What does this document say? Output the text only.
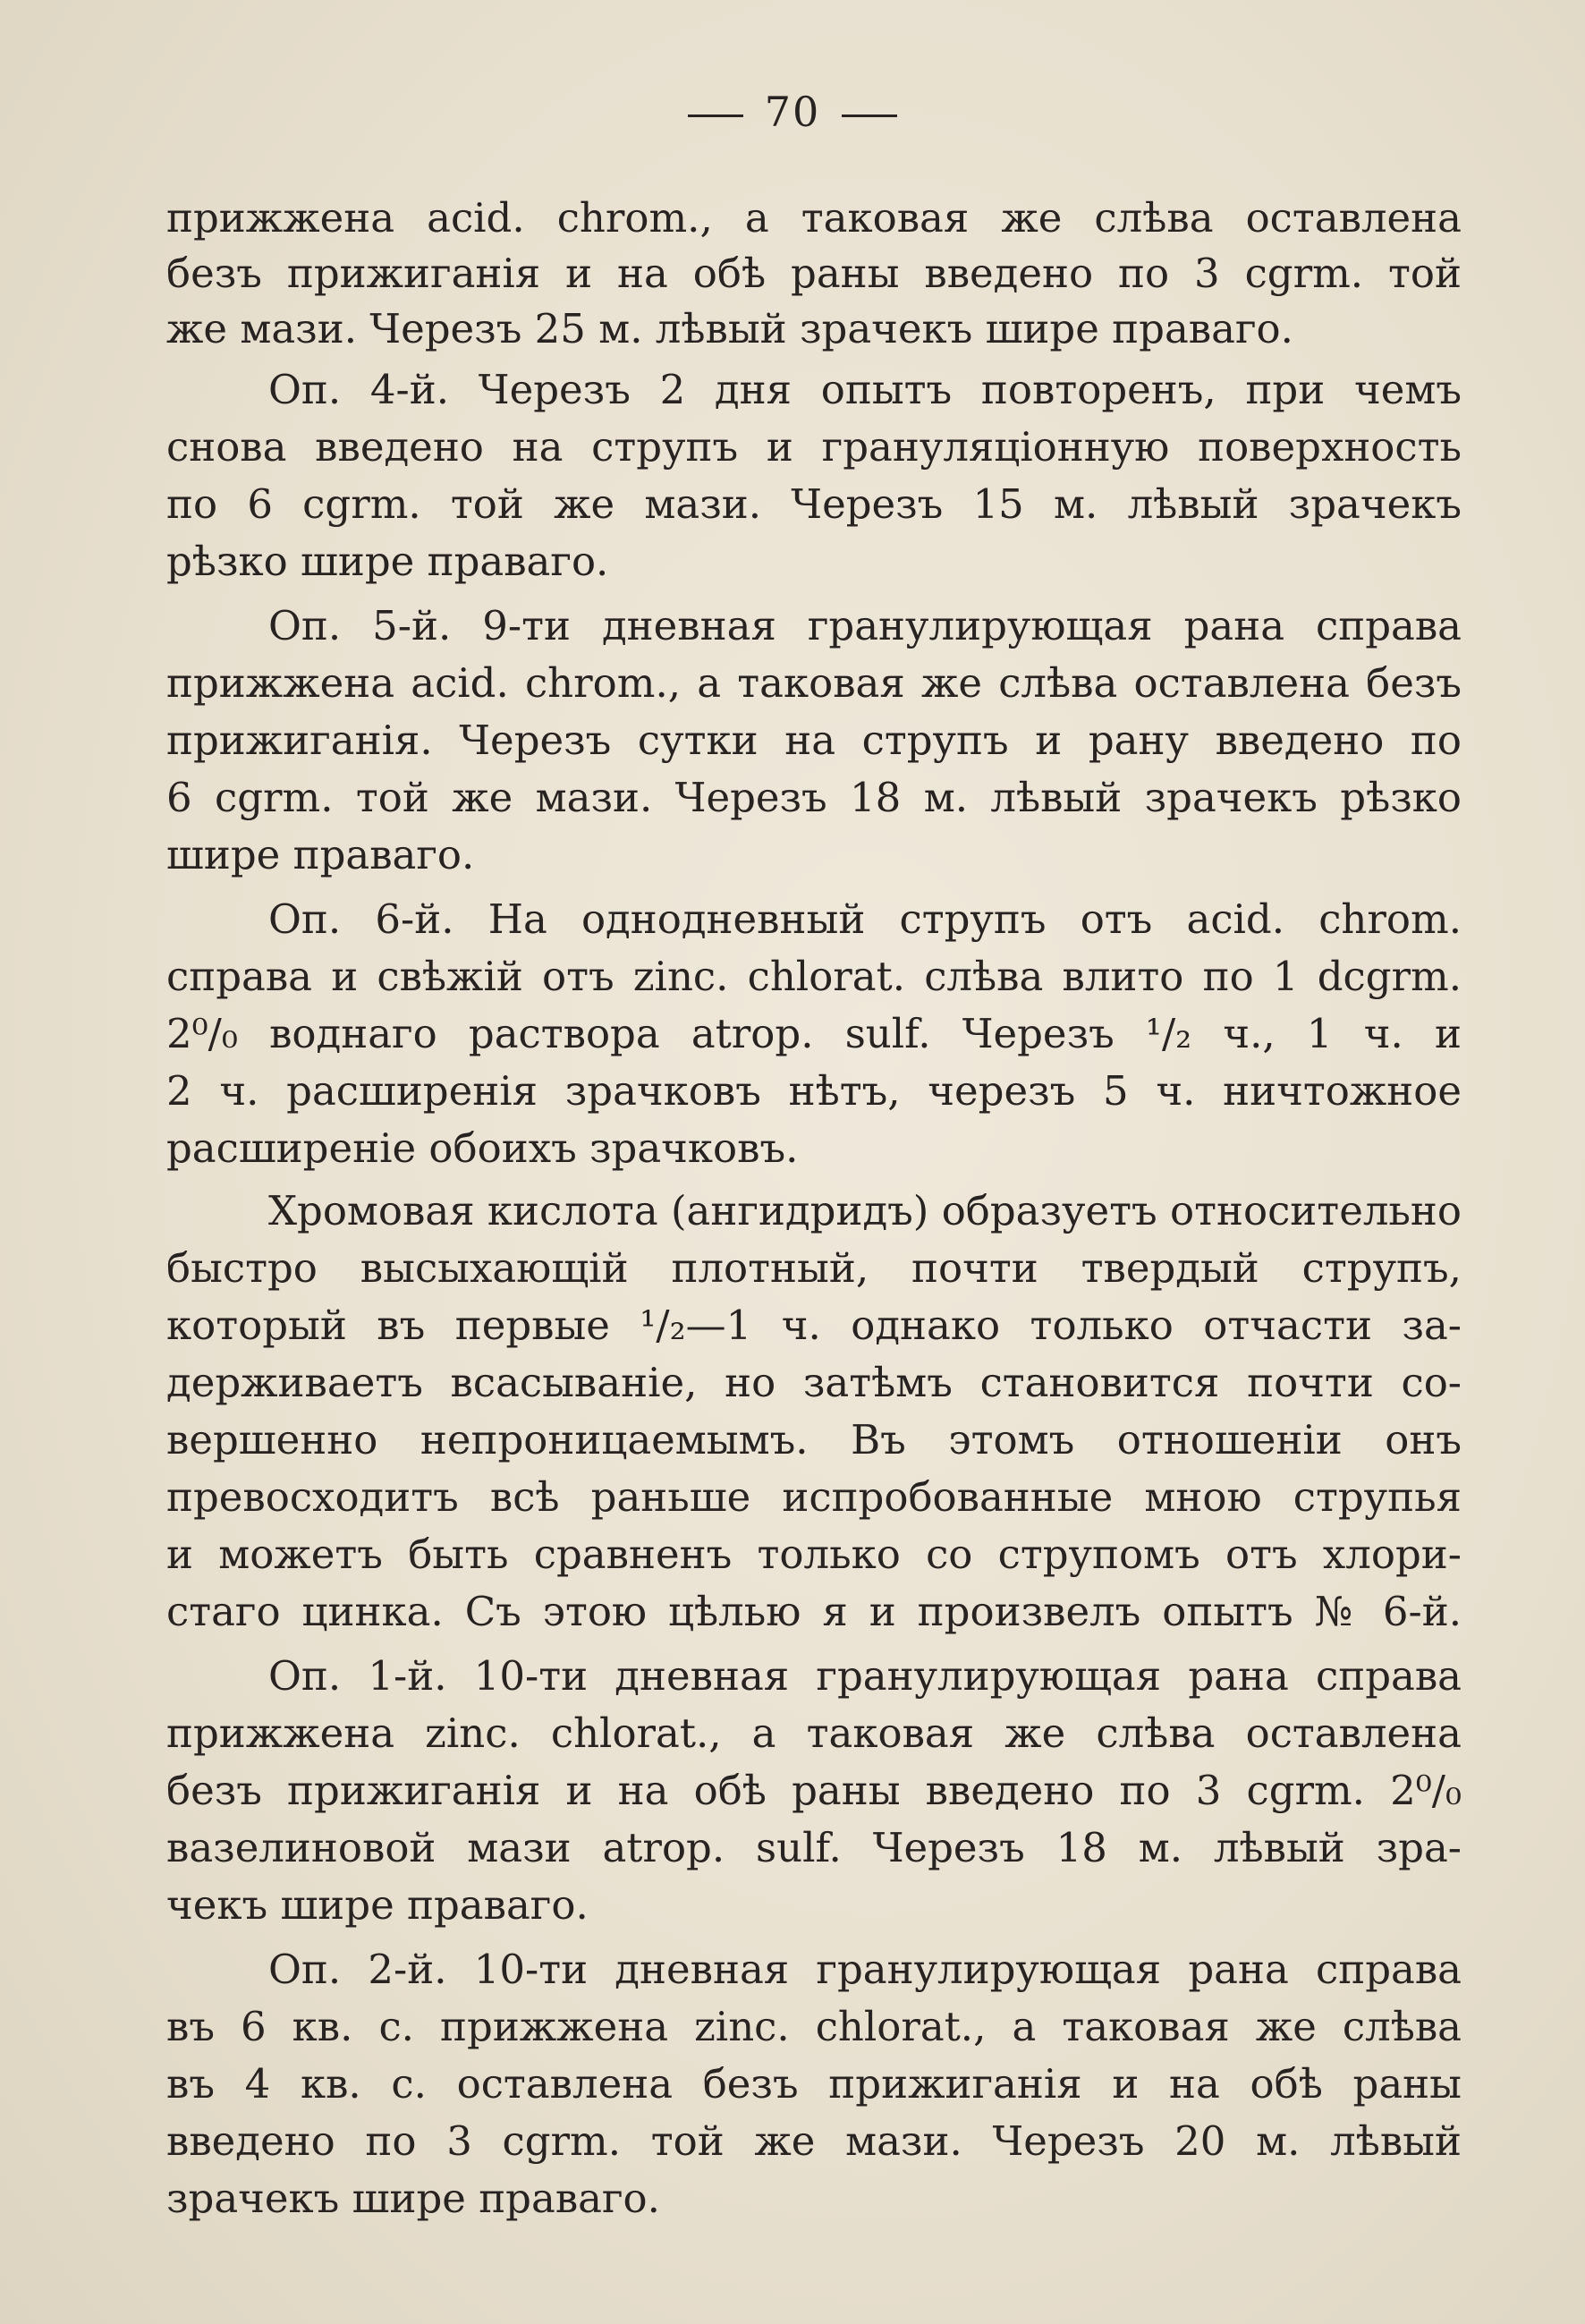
70
прижжена acid. chrom., а таковая же слѣва оставлена
безъ прижиганія и на обѣ раны введено по 3 cgrm. той
же мази. Черезъ 25 м. лѣвый зрачекъ шире праваго.
Оп. 4-й. Черезъ 2 дня опытъ повторенъ, при чемъ
снова введено на струпъ и грануляціонную поверхность
по 6 cgrm. той же мази. Черезъ 15 м. лѣвый зрачекъ
рѣзко шире праваго.
Оп. 5-й. 9-ти дневная гранулирующая рана справа
прижжена acid. chrom., а таковая же слѣва оставлена безъ
прижиганія. Черезъ сутки на струпъ и рану введено по
6 cgrm. той же мази. Черезъ 18 м. лѣвый зрачекъ рѣзко
шире праваго.
Оп. 6-й. На однодневный струпъ отъ acid. chrom.
справа и свѣжій отъ zinc. chlorat. слѣва влито по 1 dcgrm.
2⁰/₀ воднаго раствора atrop. sulf. Черезъ ¹/₂ ч., 1 ч. и
2 ч. расширенія зрачковъ нѣтъ, черезъ 5 ч. ничтожное
расширеніе обоихъ зрачковъ.
Хромовая кислота (ангидридъ) образуетъ относительно
быстро высыхающій плотный, почти твердый струпъ,
который въ первые ¹/₂—1 ч. однако только отчасти за-
держиваетъ всасываніе, но затѣмъ становится почти со-
вершенно непроницаемымъ. Въ этомъ отношеніи онъ
превосходитъ всѣ раньше испробованные мною струпья
и можетъ быть сравненъ только со струпомъ отъ хлори-
стаго цинка. Съ этою цѣлью я и произвелъ опытъ № 6-й.
Оп. 1-й. 10-ти дневная гранулирующая рана справа
прижжена zinc. chlorat., а таковая же слѣва оставлена
безъ прижиганія и на обѣ раны введено по 3 cgrm. 2⁰/₀
вазелиновой мази atrop. sulf. Черезъ 18 м. лѣвый зра-
чекъ шире праваго.
Оп. 2-й. 10-ти дневная гранулирующая рана справа
въ 6 кв. с. прижжена zinc. chlorat., а таковая же слѣва
въ 4 кв. с. оставлена безъ прижиганія и на обѣ раны
введено по 3 cgrm. той же мази. Черезъ 20 м. лѣвый
зрачекъ шире праваго.
